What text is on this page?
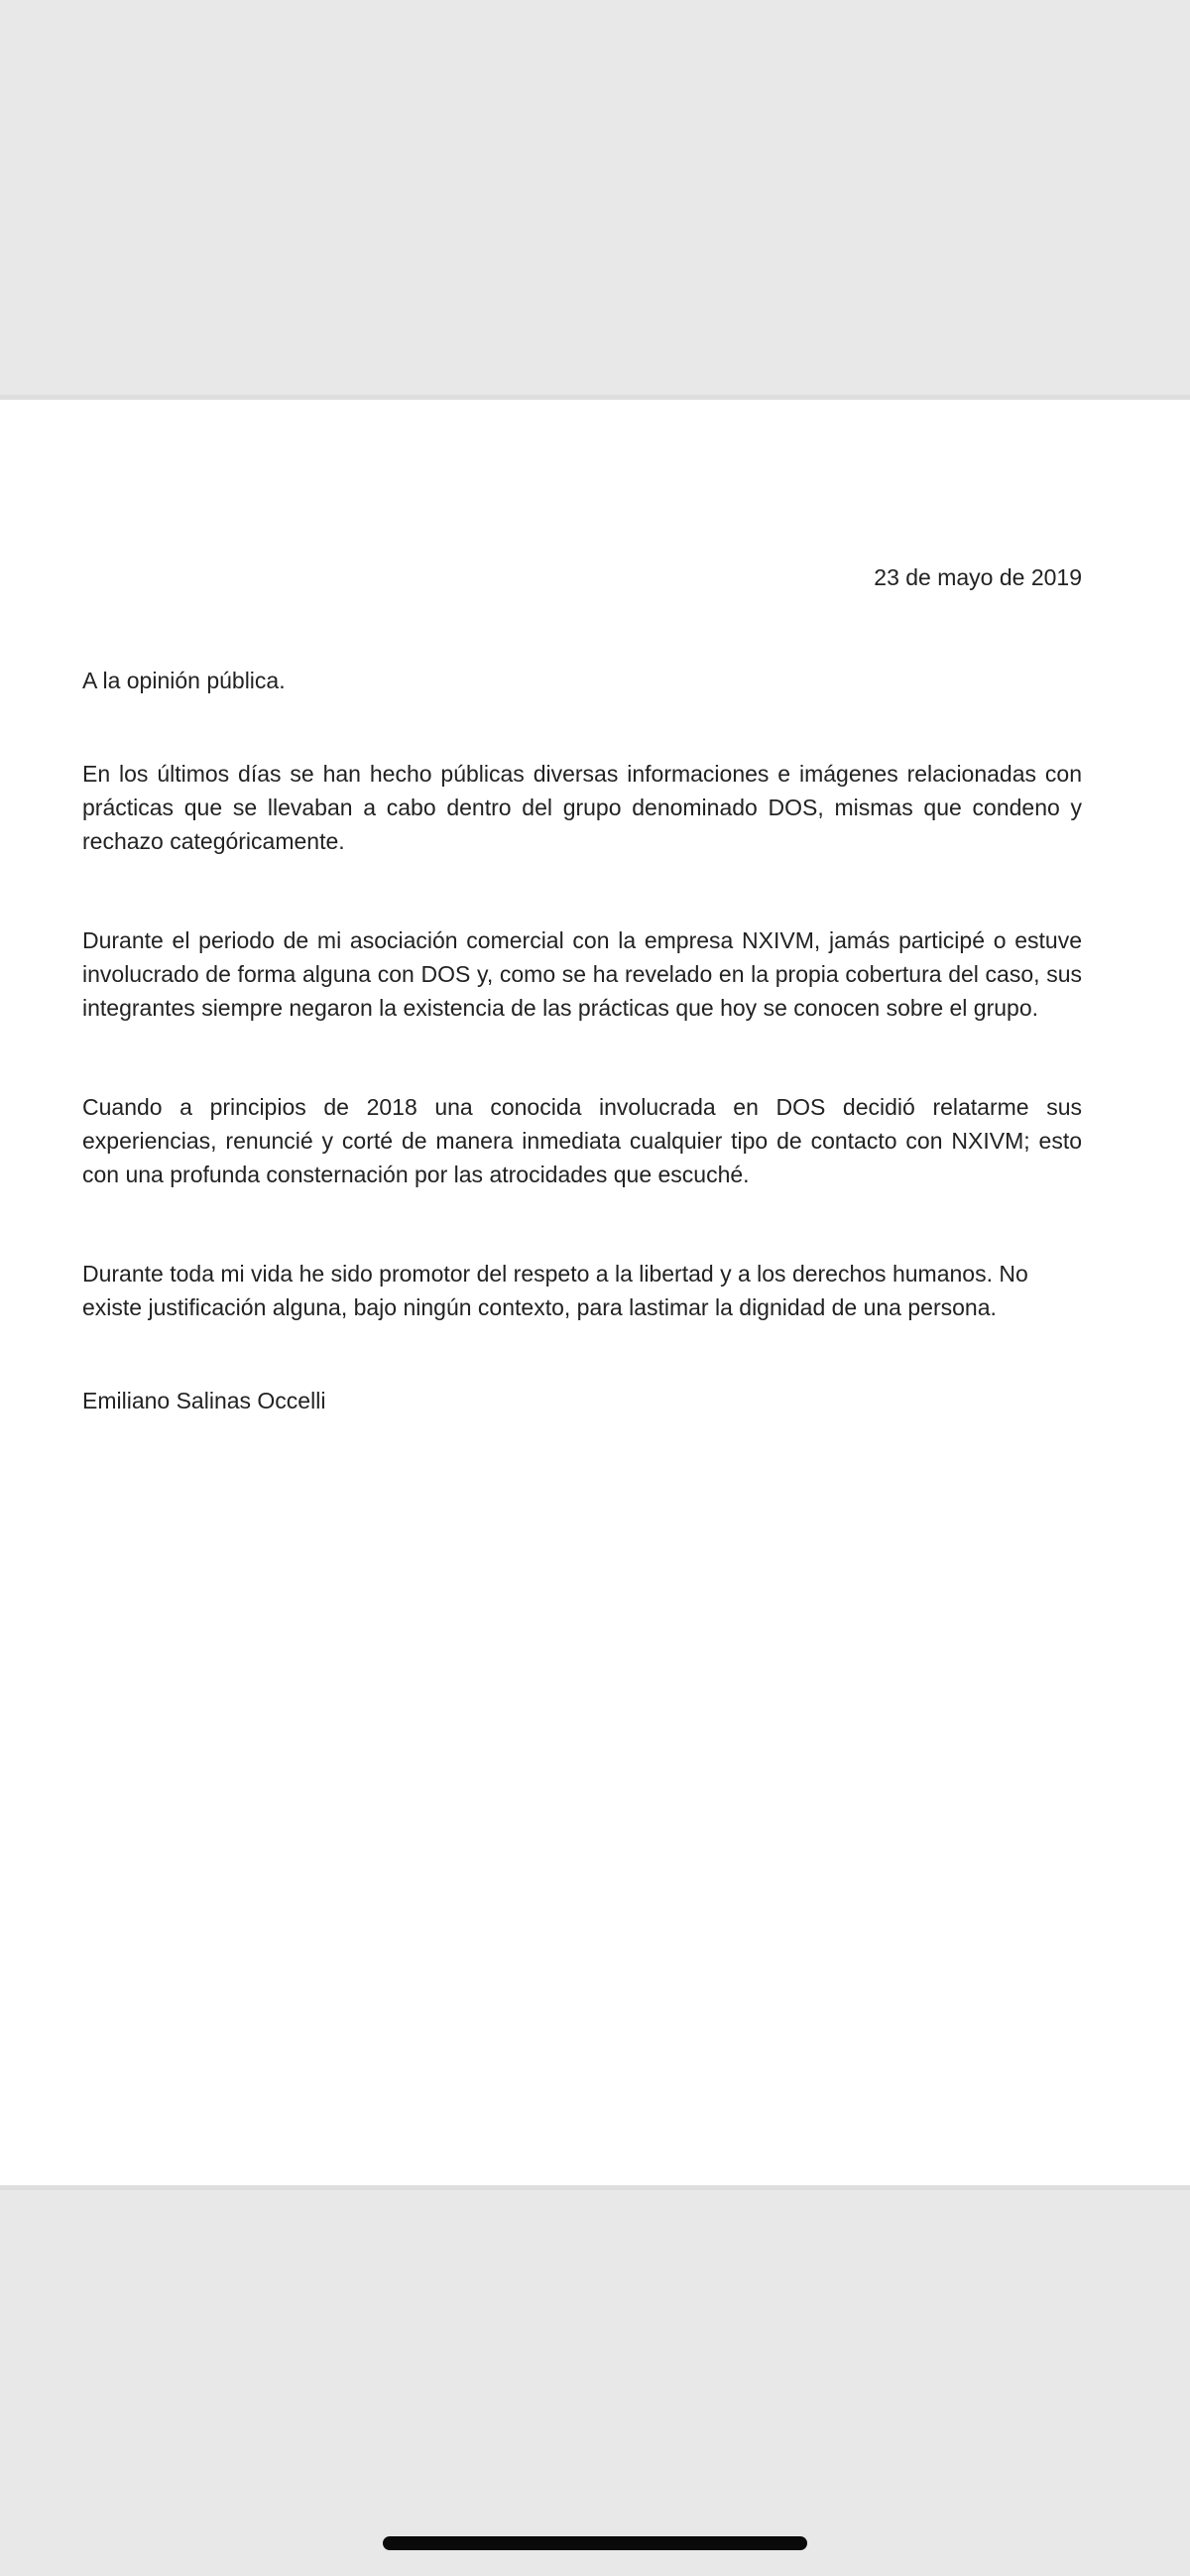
23 de mayo de 2019

A la opinión pública.

En los últimos días se han hecho públicas diversas informaciones e imágenes relacionadas con prácticas que se llevaban a cabo dentro del grupo denominado DOS, mismas que condeno y rechazo categóricamente.

Durante el periodo de mi asociación comercial con la empresa NXIVM, jamás participé o estuve involucrado de forma alguna con DOS y, como se ha revelado en la propia cobertura del caso, sus integrantes siempre negaron la existencia de las prácticas que hoy se conocen sobre el grupo.

Cuando a principios de 2018 una conocida involucrada en DOS decidió relatarme sus experiencias, renuncié y corté de manera inmediata cualquier tipo de contacto con NXIVM; esto con una profunda consternación por las atrocidades que escuché.

Durante toda mi vida he sido promotor del respeto a la libertad y a los derechos humanos. No existe justificación alguna, bajo ningún contexto, para lastimar la dignidad de una persona.

Emiliano Salinas Occelli
